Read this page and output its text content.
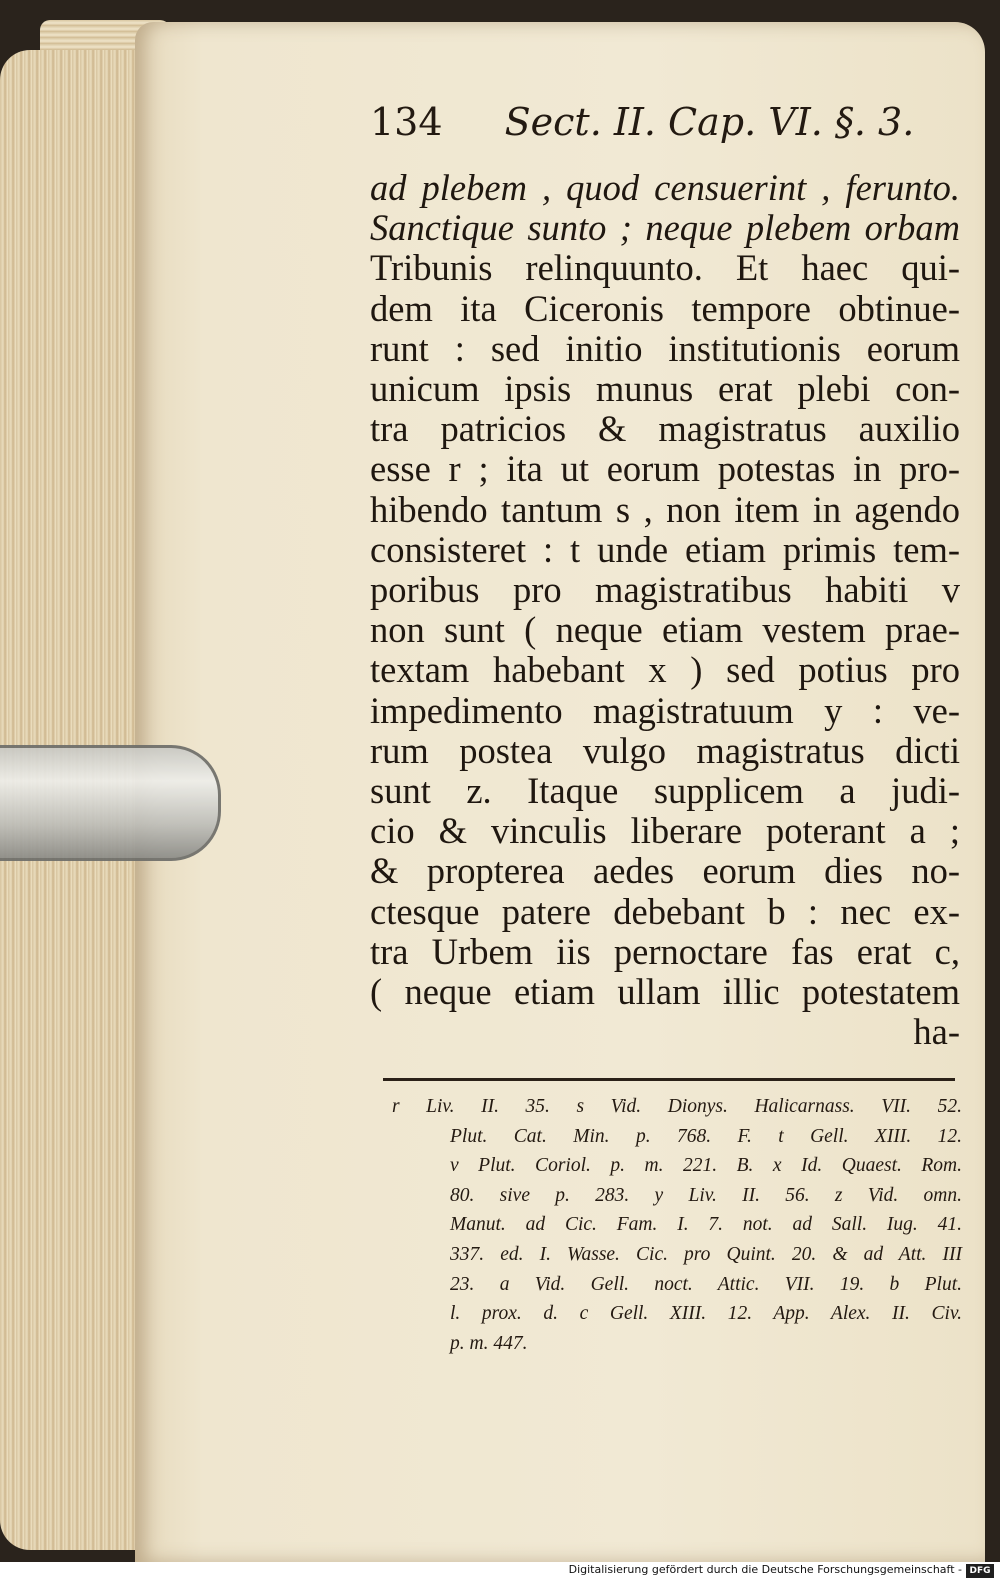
134 Sect. II. Cap. VI. §. 3.
ad plebem , quod censuerint , ferunto.
Sanctique sunto ; neque plebem orbam
Tribunis relinquunto. Et haec qui-
dem ita Ciceronis tempore obtinue-
runt : sed initio institutionis eorum
unicum ipsis munus erat plebi con-
tra patricios & magistratus auxilio
esse r ; ita ut eorum potestas in pro-
hibendo tantum s , non item in agendo
consisteret : t unde etiam primis tem-
poribus pro magistratibus habiti v
non sunt ( neque etiam vestem prae-
textam habebant x ) sed potius pro
impedimento magistratuum y : ve-
rum postea vulgo magistratus dicti
sunt z. Itaque supplicem a judi-
cio & vinculis liberare poterant a ;
& propterea aedes eorum dies no-
ctesque patere debebant b : nec ex-
tra Urbem iis pernoctare fas erat c,
( neque etiam ullam illic potestatem
ha-
r Liv. II. 35. s Vid. Dionys. Halicarnass. VII. 52.
Plut. Cat. Min. p. 768. F. t Gell. XIII. 12.
v Plut. Coriol. p. m. 221. B. x Id. Quaest. Rom.
80. sive p. 283. y Liv. II. 56. z Vid. omn.
Manut. ad Cic. Fam. I. 7. not. ad Sall. Iug. 41.
337. ed. I. Wasse. Cic. pro Quint. 20. & ad Att. III
23. a Vid. Gell. noct. Attic. VII. 19. b Plut.
l. prox. d. c Gell. XIII. 12. App. Alex. II. Civ.
p. m. 447.
Digitalisierung gefördert durch die Deutsche Forschungsgemeinschaft - DFG
